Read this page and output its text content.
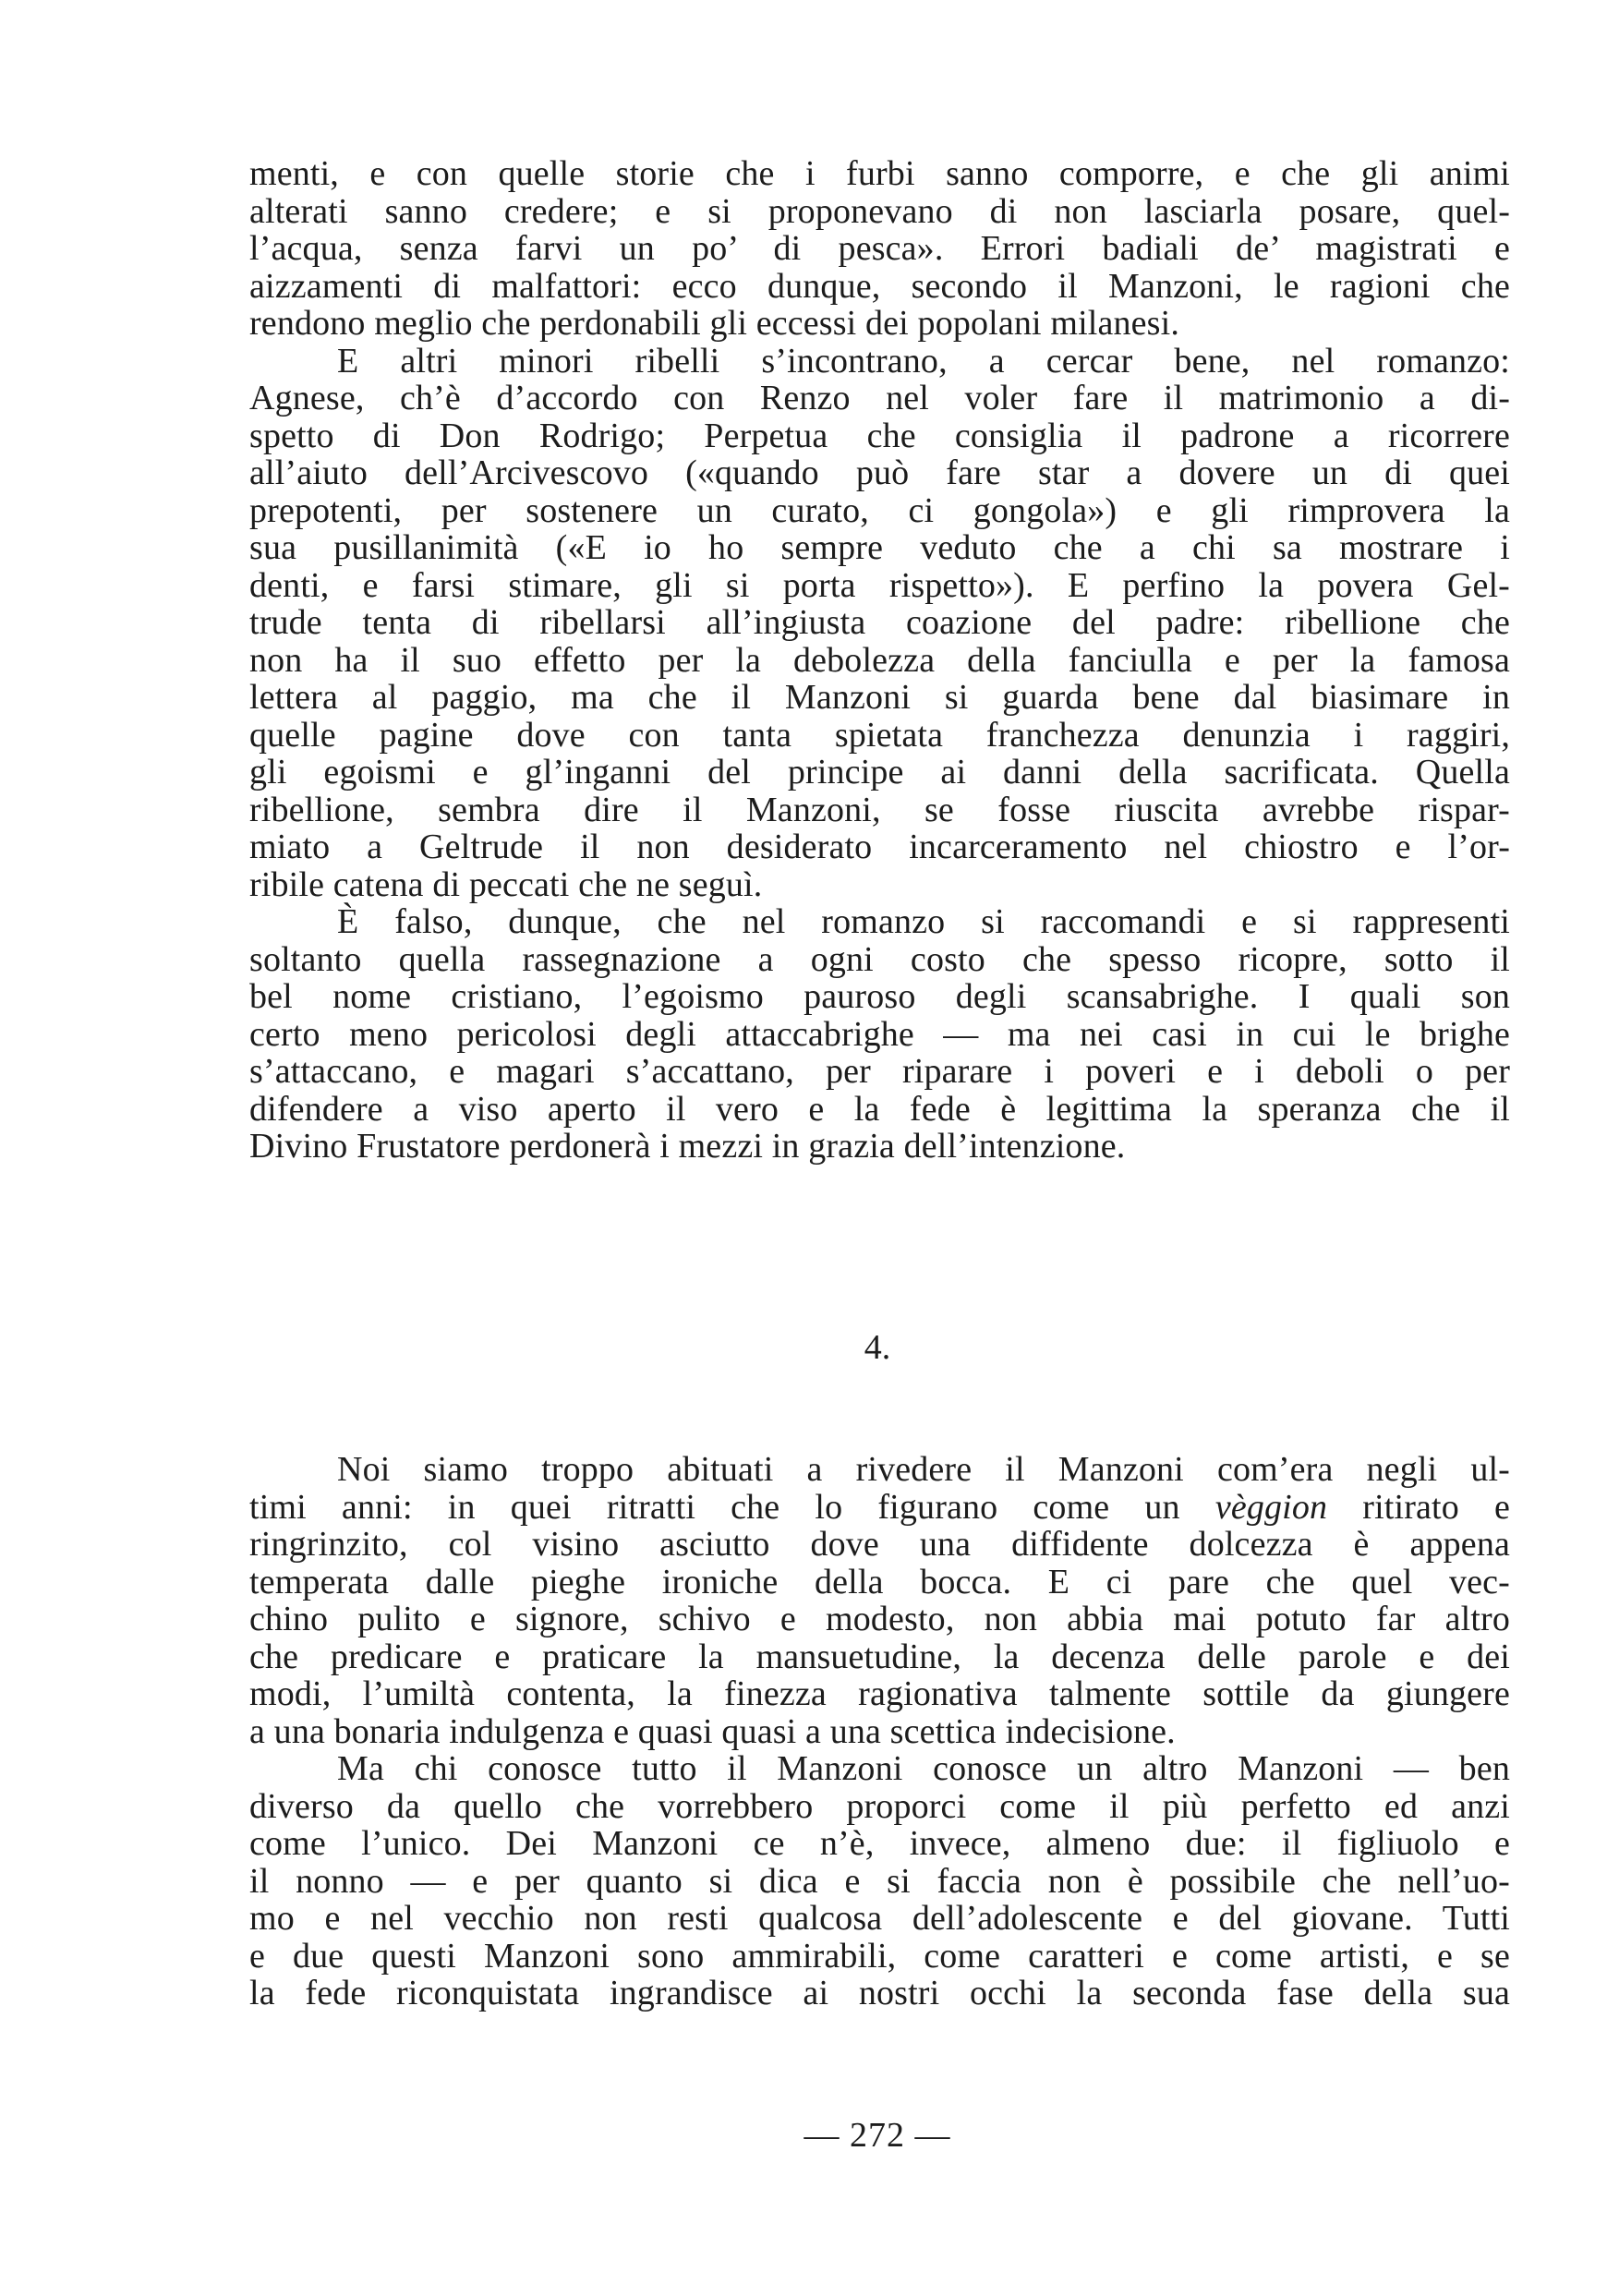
menti, e con quelle storie che i furbi sanno comporre, e che gli animi
alterati sanno credere; e si proponevano di non lasciarla posare, quel-
l’acqua, senza farvi un po’ di pesca». Errori badiali de’ magistrati e
aizzamenti di malfattori: ecco dunque, secondo il Manzoni, le ragioni che
rendono meglio che perdonabili gli eccessi dei popolani milanesi.
E altri minori ribelli s’incontrano, a cercar bene, nel romanzo:
Agnese, ch’è d’accordo con Renzo nel voler fare il matrimonio a di-
spetto di Don Rodrigo; Perpetua che consiglia il padrone a ricorrere
all’aiuto dell’Arcivescovo («quando può fare star a dovere un di quei
prepotenti, per sostenere un curato, ci gongola») e gli rimprovera la
sua pusillanimità («E io ho sempre veduto che a chi sa mostrare i
denti, e farsi stimare, gli si porta rispetto»). E perfino la povera Gel-
trude tenta di ribellarsi all’ingiusta coazione del padre: ribellione che
non ha il suo effetto per la debolezza della fanciulla e per la famosa
lettera al paggio, ma che il Manzoni si guarda bene dal biasimare in
quelle pagine dove con tanta spietata franchezza denunzia i raggiri,
gli egoismi e gl’inganni del principe ai danni della sacrificata. Quella
ribellione, sembra dire il Manzoni, se fosse riuscita avrebbe rispar-
miato a Geltrude il non desiderato incarceramento nel chiostro e l’or-
ribile catena di peccati che ne seguì.
È falso, dunque, che nel romanzo si raccomandi e si rappresenti
soltanto quella rassegnazione a ogni costo che spesso ricopre, sotto il
bel nome cristiano, l’egoismo pauroso degli scansabrighe. I quali son
certo meno pericolosi degli attaccabrighe — ma nei casi in cui le brighe
s’attaccano, e magari s’accattano, per riparare i poveri e i deboli o per
difendere a viso aperto il vero e la fede è legittima la speranza che il
Divino Frustatore perdonerà i mezzi in grazia dell’intenzione.
4.
Noi siamo troppo abituati a rivedere il Manzoni com’era negli ul-
timi anni: in quei ritratti che lo figurano come un vèggion ritirato e
ringrinzito, col visino asciutto dove una diffidente dolcezza è appena
temperata dalle pieghe ironiche della bocca. E ci pare che quel vec-
chino pulito e signore, schivo e modesto, non abbia mai potuto far altro
che predicare e praticare la mansuetudine, la decenza delle parole e dei
modi, l’umiltà contenta, la finezza ragionativa talmente sottile da giungere
a una bonaria indulgenza e quasi quasi a una scettica indecisione.
Ma chi conosce tutto il Manzoni conosce un altro Manzoni — ben
diverso da quello che vorrebbero proporci come il più perfetto ed anzi
come l’unico. Dei Manzoni ce n’è, invece, almeno due: il figliuolo e
il nonno — e per quanto si dica e si faccia non è possibile che nell’uo-
mo e nel vecchio non resti qualcosa dell’adolescente e del giovane. Tutti
e due questi Manzoni sono ammirabili, come caratteri e come artisti, e se
la fede riconquistata ingrandisce ai nostri occhi la seconda fase della sua
— 272 —
